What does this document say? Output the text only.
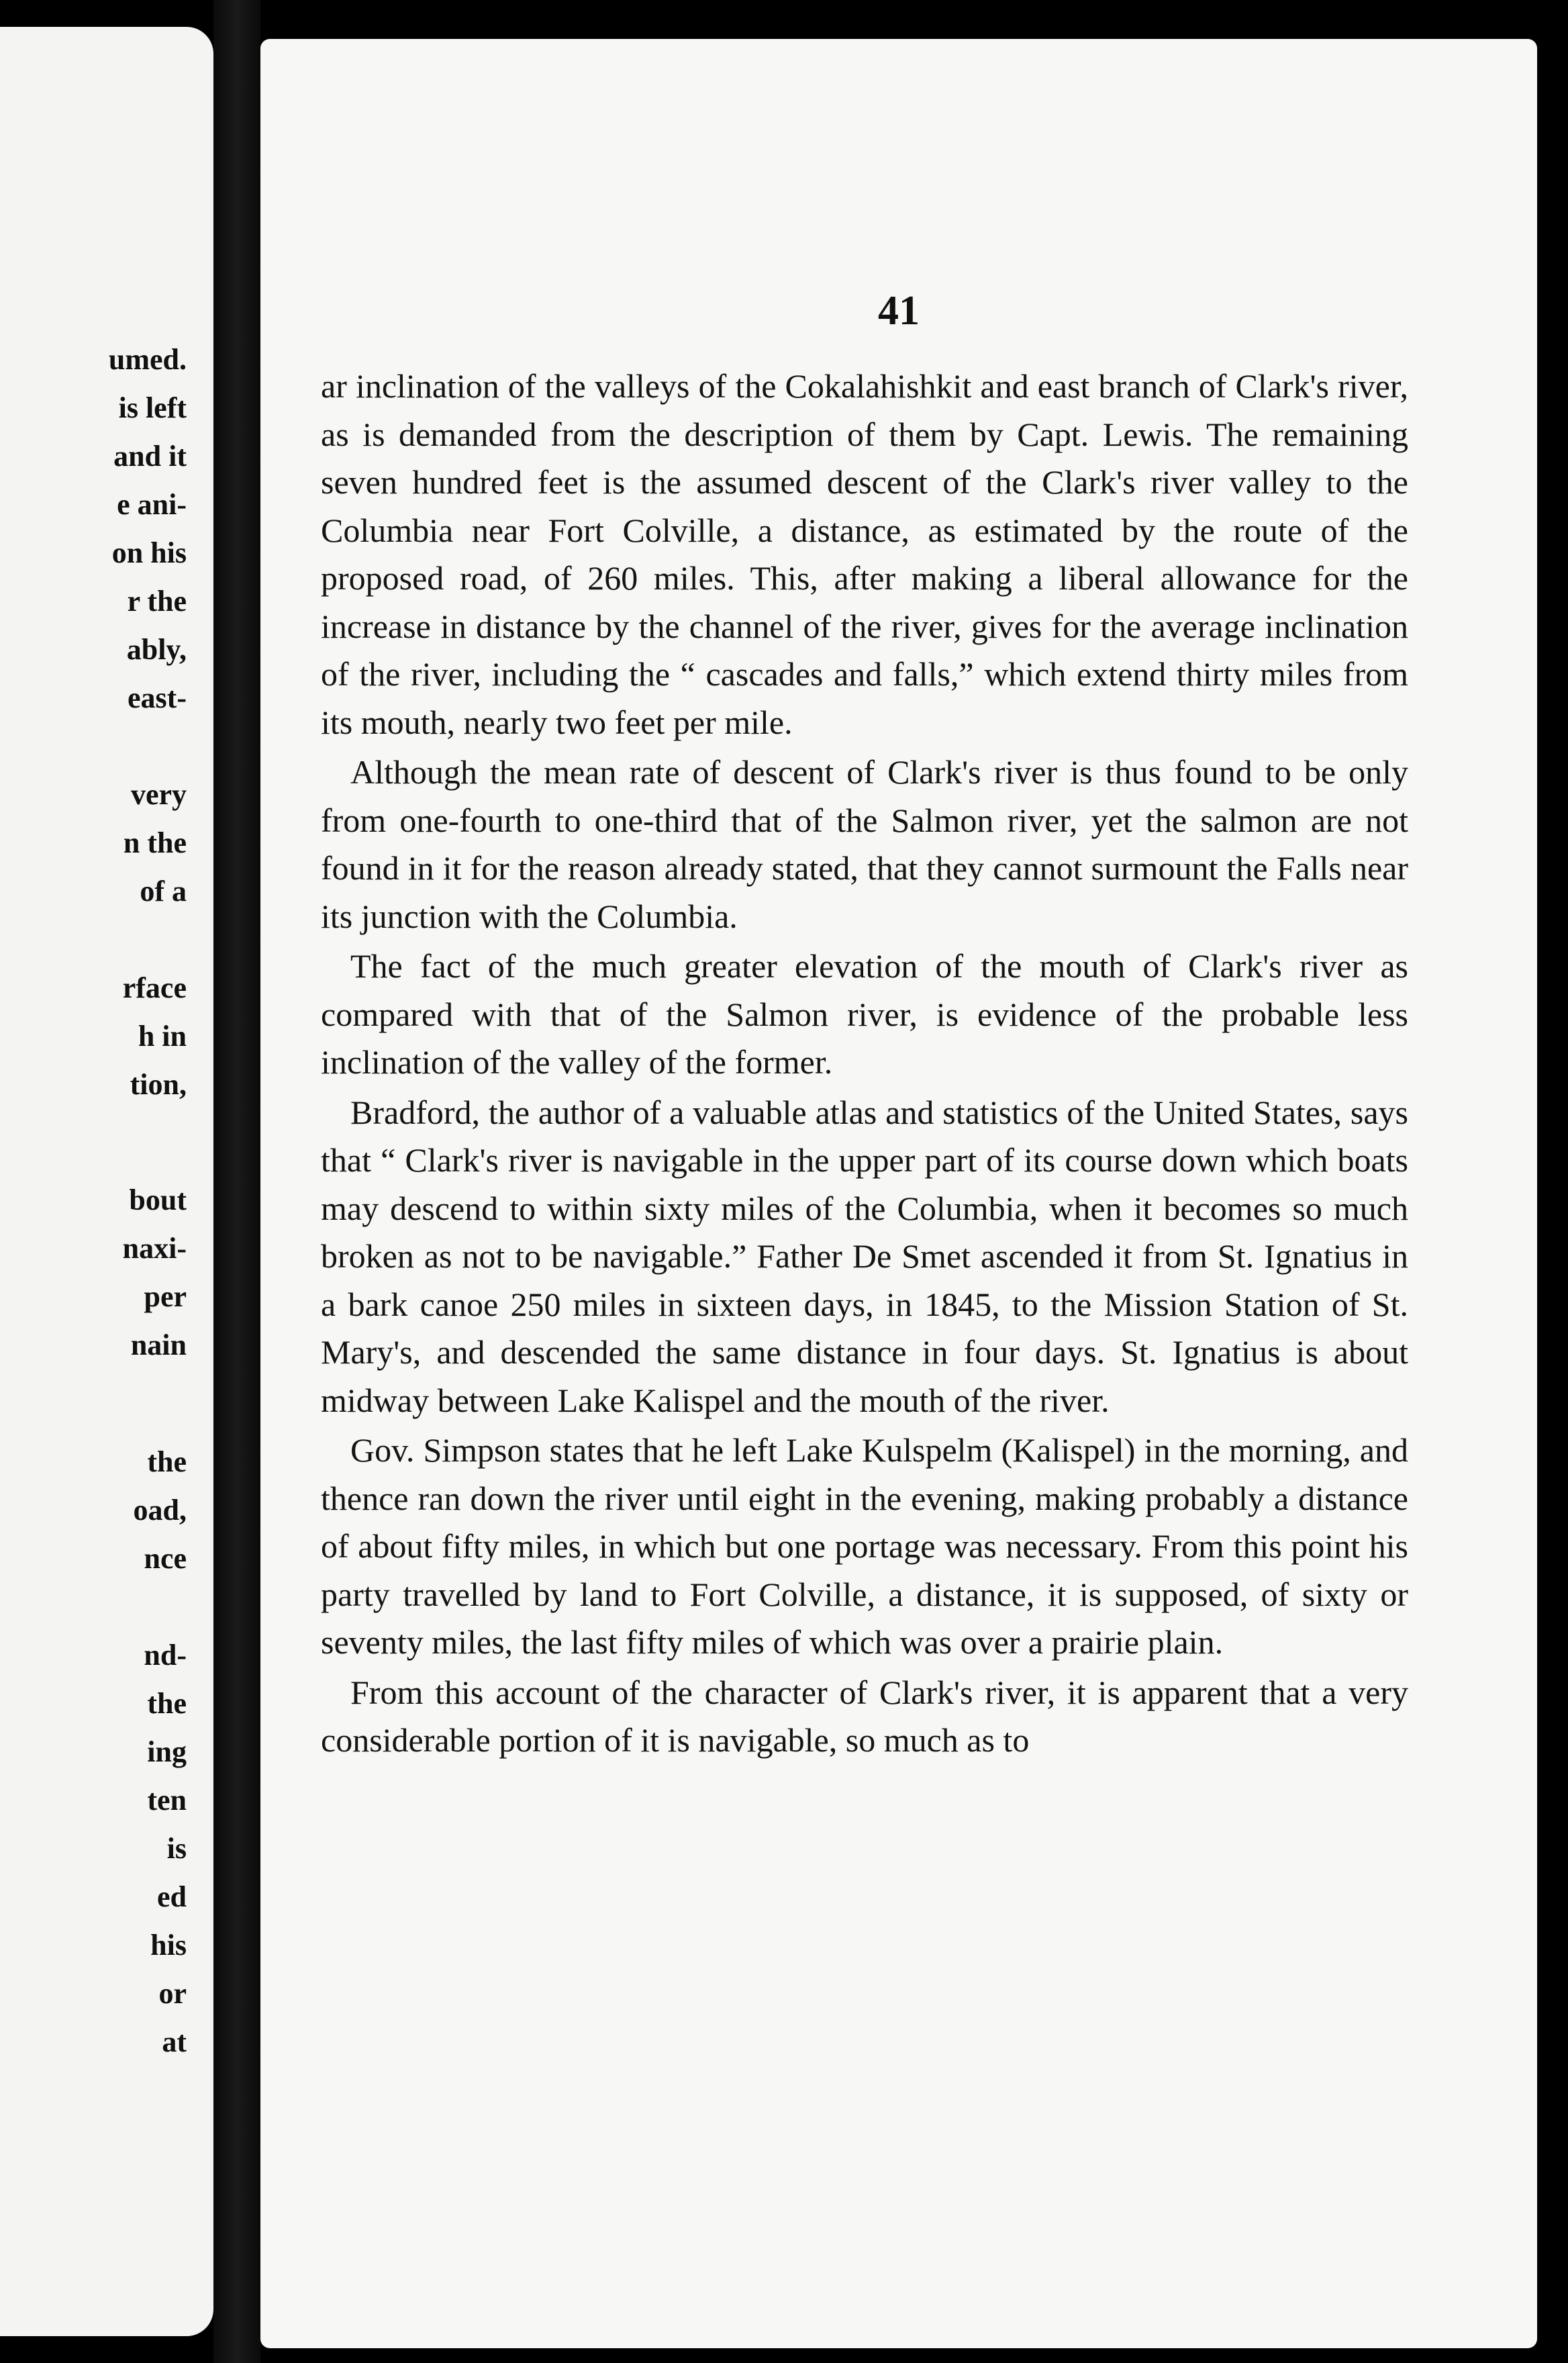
umed.
is left
and it
e ani-
on his
r the
ably,
east-
very
n the
of a
rface
h in
tion,
bout
naxi-
per
nain
the
oad,
nce
nd-
the
ing
ten
is
ed
his
or
at
41

ar inclination of the valleys of the Cokalahishkit and east branch of Clark's river, as is demanded from the description of them by Capt. Lewis. The remaining seven hundred feet is the assumed descent of the Clark's river valley to the Columbia near Fort Colville, a distance, as estimated by the route of the proposed road, of 260 miles. This, after making a liberal allowance for the increase in distance by the channel of the river, gives for the average inclination of the river, including the “ cascades and falls,” which extend thirty miles from its mouth, nearly two feet per mile.

Although the mean rate of descent of Clark's river is thus found to be only from one-fourth to one-third that of the Salmon river, yet the salmon are not found in it for the reason already stated, that they cannot surmount the Falls near its junction with the Columbia.

The fact of the much greater elevation of the mouth of Clark's river as compared with that of the Salmon river, is evidence of the probable less inclination of the valley of the former.

Bradford, the author of a valuable atlas and statistics of the United States, says that “ Clark's river is navigable in the upper part of its course down which boats may descend to within sixty miles of the Columbia, when it becomes so much broken as not to be navigable.” Father De Smet ascended it from St. Ignatius in a bark canoe 250 miles in sixteen days, in 1845, to the Mission Station of St. Mary's, and descended the same distance in four days. St. Ignatius is about midway between Lake Kalispel and the mouth of the river.

Gov. Simpson states that he left Lake Kulspelm (Kalispel) in the morning, and thence ran down the river until eight in the evening, making probably a distance of about fifty miles, in which but one portage was necessary. From this point his party travelled by land to Fort Colville, a distance, it is supposed, of sixty or seventy miles, the last fifty miles of which was over a prairie plain.

From this account of the character of Clark's river, it is apparent that a very considerable portion of it is navigable, so much as to
